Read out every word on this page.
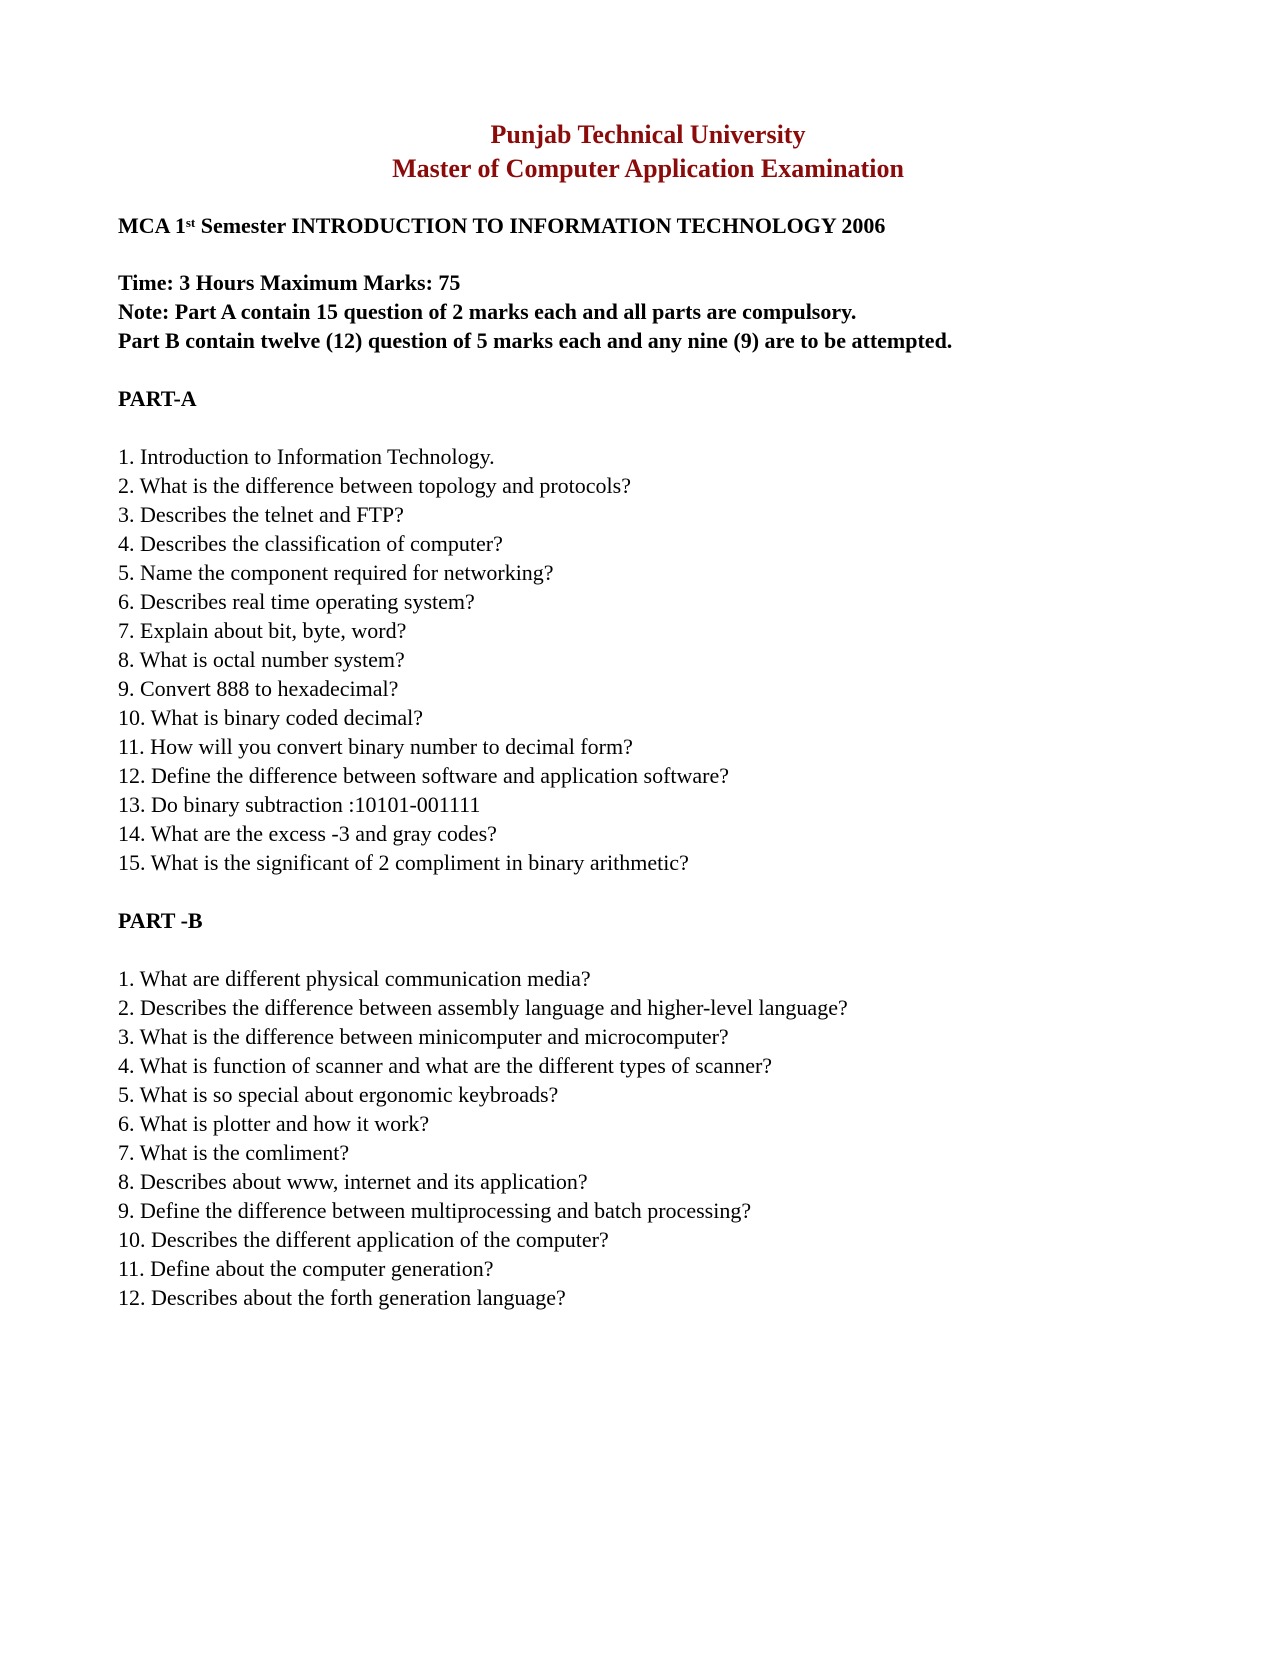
Punjab Technical University
Master of Computer Application Examination

MCA 1st Semester INTRODUCTION TO INFORMATION TECHNOLOGY 2006

Time: 3 Hours Maximum Marks: 75
Note: Part A contain 15 question of 2 marks each and all parts are compulsory.
Part B contain twelve (12) question of 5 marks each and any nine (9) are to be attempted.
PART-A
1. Introduction to Information Technology.
2. What is the difference between topology and protocols?
3. Describes the telnet and FTP?
4. Describes the classification of computer?
5. Name the component required for networking?
6. Describes real time operating system?
7. Explain about bit, byte, word?
8. What is octal number system?
9. Convert 888 to hexadecimal?
10. What is binary coded decimal?
11. How will you convert binary number to decimal form?
12. Define the difference between software and application software?
13. Do binary subtraction :10101-001111
14. What are the excess -3 and gray codes?
15. What is the significant of 2 compliment in binary arithmetic?
PART -B
1. What are different physical communication media?
2. Describes the difference between assembly language and higher-level language?
3. What is the difference between minicomputer and microcomputer?
4. What is function of scanner and what are the different types of scanner?
5. What is so special about ergonomic keybroads?
6. What is plotter and how it work?
7. What is the comliment?
8. Describes about www, internet and its application?
9. Define the difference between multiprocessing and batch processing?
10. Describes the different application of the computer?
11. Define about the computer generation?
12. Describes about the forth generation language?
